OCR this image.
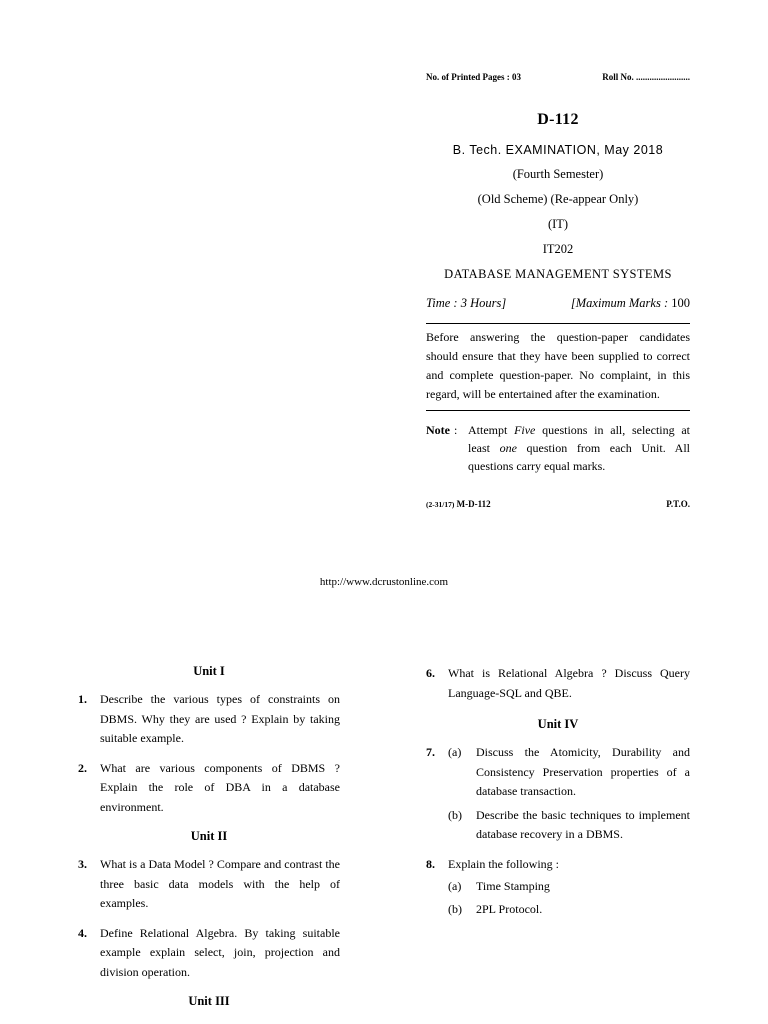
No. of Printed Pages : 03	Roll No. ........................
D-112
B. Tech. EXAMINATION, May 2018
(Fourth Semester)
(Old Scheme) (Re-appear Only)
(IT)
IT202
DATABASE MANAGEMENT SYSTEMS
Time : 3 Hours]	[Maximum Marks : 100
Before answering the question-paper candidates should ensure that they have been supplied to correct and complete question-paper. No complaint, in this regard, will be entertained after the examination.
Note : Attempt Five questions in all, selecting at least one question from each Unit. All questions carry equal marks.
(2-31/17) M-D-112	P.T.O.
http://www.dcrustonline.com
Unit I
1.	Describe the various types of constraints on DBMS. Why they are used ? Explain by taking suitable example.
2.	What are various components of DBMS ? Explain the role of DBA in a database environment.
Unit II
3.	What is a Data Model ? Compare and contrast the three basic data models with the help of examples.
4.	Define Relational Algebra. By taking suitable example explain select, join, projection and division operation.
Unit III
6.	What is Relational Algebra ? Discuss Query Language-SQL and QBE.
Unit IV
7.	(a)	Discuss the Atomicity, Durability and Consistency Preservation properties of a database transaction.
(b)	Describe the basic techniques to implement database recovery in a DBMS.
8.	Explain the following :
(a)	Time Stamping
(b)	2PL Protocol.
